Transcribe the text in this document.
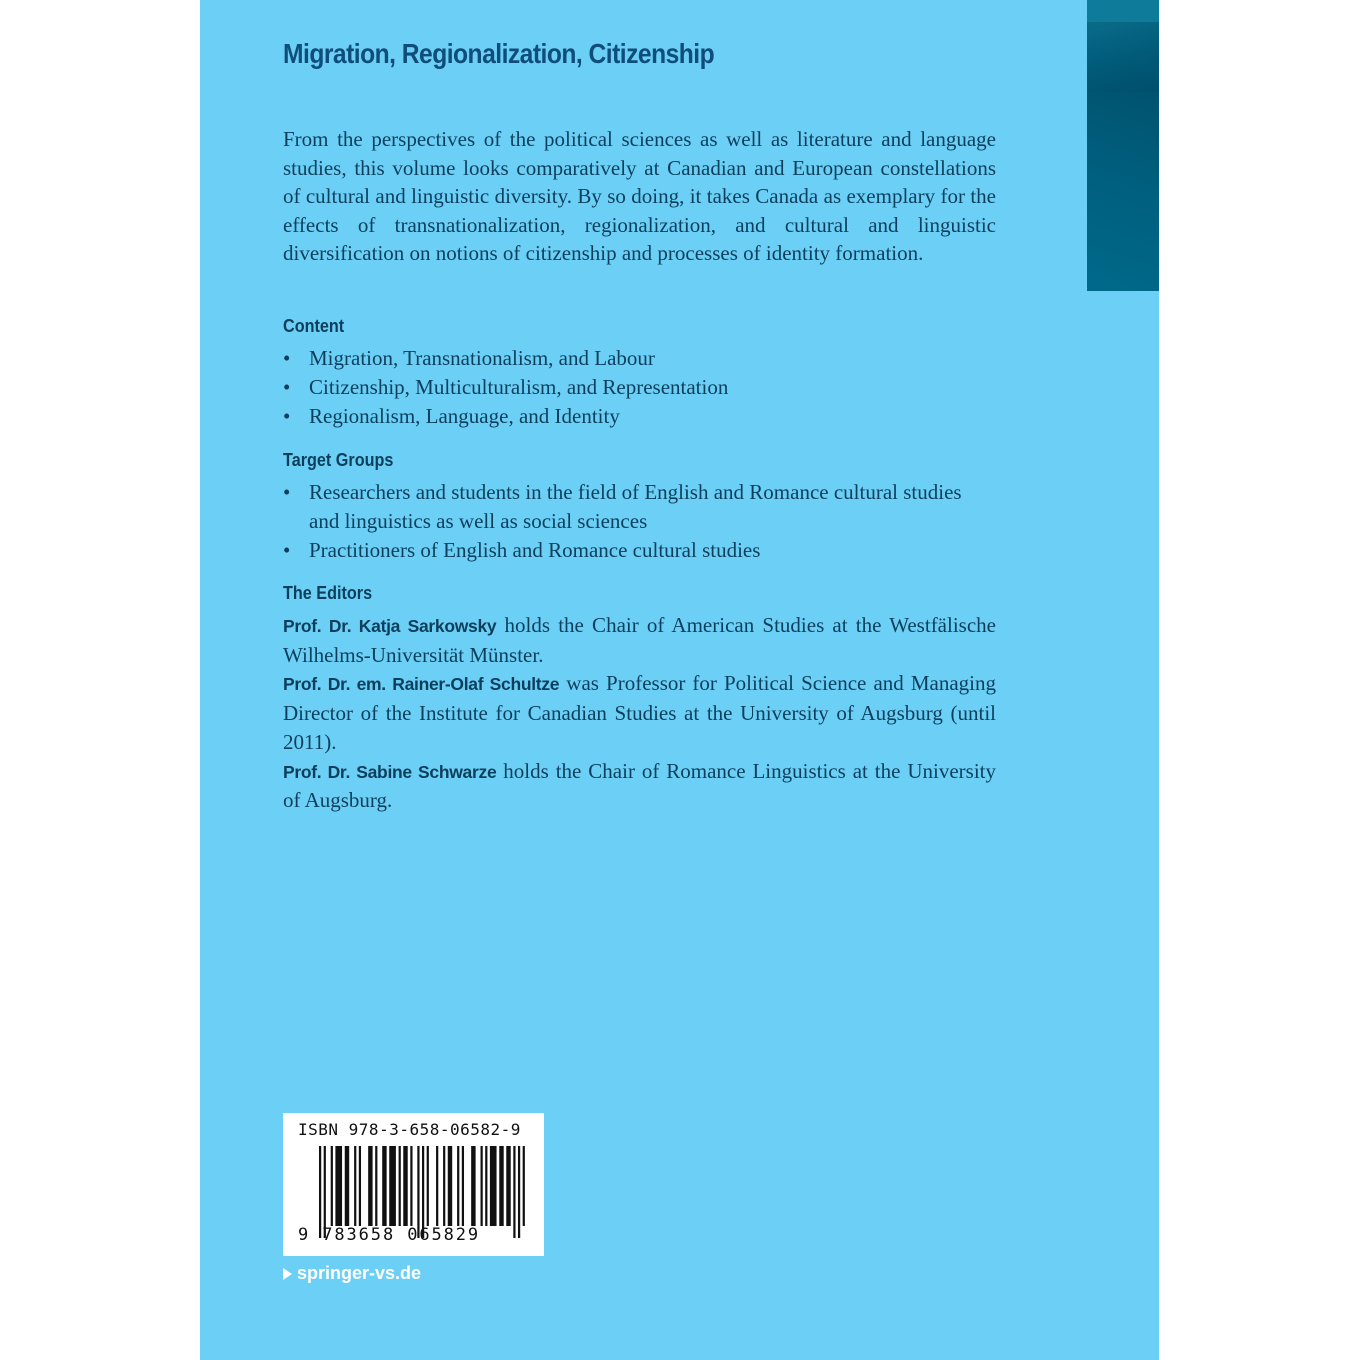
Migration, Regionalization, Citizenship

From the perspectives of the political sciences as well as literature and language studies, this volume looks comparatively at Canadian and European constellations of cultural and linguistic diversity. By so doing, it takes Canada as exemplary for the effects of transnationalization, regionalization, and cultural and linguistic diversification on notions of citizenship and processes of identity formation.

Content
• Migration, Transnationalism, and Labour
• Citizenship, Multiculturalism, and Representation
• Regionalism, Language, and Identity
Target Groups
• Researchers and students in the field of English and Romance cultural studies and linguistics as well as social sciences
• Practitioners of English and Romance cultural studies
The Editors

Prof. Dr. Katja Sarkowsky holds the Chair of American Studies at the Westfälische Wilhelms-Universität Münster.

Prof. Dr. em. Rainer-Olaf Schultze was Professor for Political Science and Managing Director of the Institute for Canadian Studies at the University of Augsburg (until 2011).

Prof. Dr. Sabine Schwarze holds the Chair of Romance Linguistics at the University of Augsburg.

ISBN 978-3-658-06582-9
9 783658 065829
springer-vs.de
